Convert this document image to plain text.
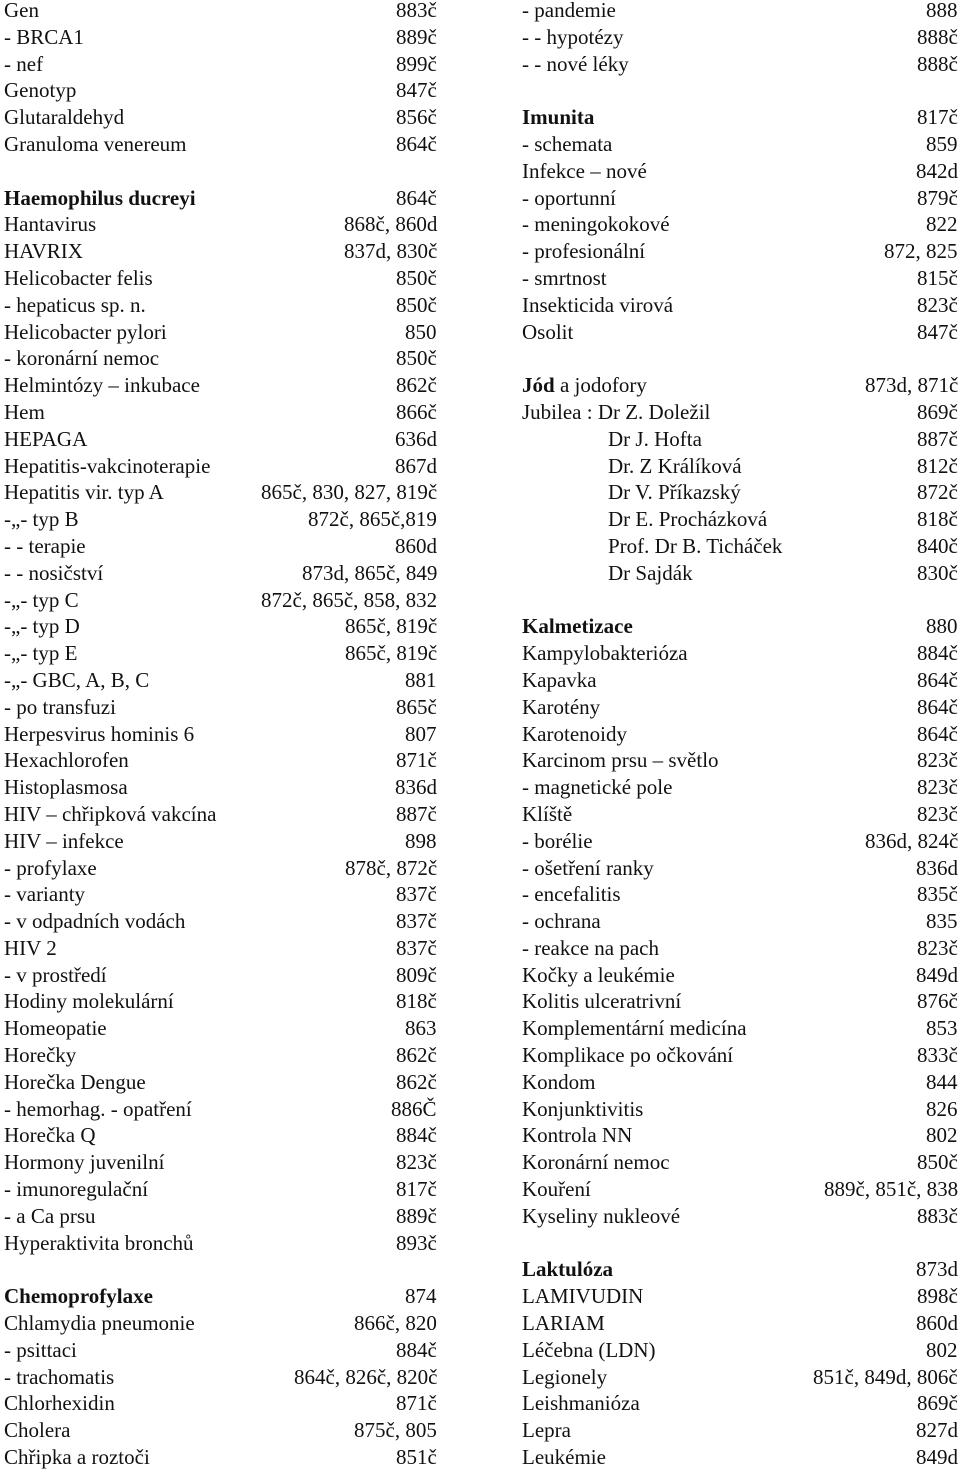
Gen	883č
- BRCA1	889č
- nef	899č
Genotyp	847č
Glutaraldehyd	856č
Granuloma venereum	864č
Haemophilus ducreyi	864č
Hantavirus	868č, 860d
HAVRIX	837d, 830č
Helicobacter felis	850č
- hepaticus sp. n.	850č
Helicobacter pylori	850
- koronární nemoc	850č
Helmintózy – inkubace	862č
Hem	866č
HEPAGA	636d
Hepatitis-vakcinoterapie	867d
Hepatitis vir. typ A	865č, 830, 827, 819č
-„- typ B	872č, 865č,819
- - terapie	860d
- - nosičství	873d, 865č, 849
-„- typ C	872č, 865č, 858, 832
-„- typ D	865č, 819č
-„- typ E	865č, 819č
-„- GBC, A, B, C	881
- po transfuzi	865č
Herpesvirus hominis 6	807
Hexachlorofen	871č
Histoplasmosa	836d
HIV – chřipková vakcína	887č
HIV – infekce	898
- profylaxe	878č, 872č
- varianty	837č
- v odpadních vodách	837č
HIV 2	837č
- v prostředí	809č
Hodiny molekulární	818č
Homeopatie	863
Horečky	862č
Horečka Dengue	862č
- hemorhag. - opatření	886Č
Horečka Q	884č
Hormony juvenilní	823č
- imunoregulační	817č
- a Ca prsu	889č
Hyperaktivita bronchů	893č
Chemoprofylaxe	874
Chlamydia pneumonie	866č, 820
- psittaci	884č
- trachomatis	864č, 826č, 820č
Chlorhexidin	871č
Cholera	875č, 805
Chřipka a roztoči	851č
- pandemie	888
- - hypotézy	888č
- - nové léky	888č
Imunita	817č
- schemata	859
Infekce – nové	842d
- oportunní	879č
- meningokokové	822
- profesionální	872, 825
- smrtnost	815č
Insekticida virová	823č
Osolit	847č
Jód a jodofory	873d, 871č
Jubilea : Dr Z. Doležil	869č
Dr J. Hofta	887č
Dr. Z Králíková	812č
Dr V. Příkazský	872č
Dr E. Procházková	818č
Prof. Dr B. Ticháček	840č
Dr Sajdák	830č
Kalmetizace	880
Kampylobakterióza	884č
Kapavka	864č
Karotény	864č
Karotenoidy	864č
Karcinom prsu – světlo	823č
- magnetické pole	823č
Klíště	823č
- borélie	836d, 824č
- ošetření ranky	836d
- encefalitis	835č
- ochrana	835
- reakce na pach	823č
Kočky a leukémie	849d
Kolitis ulceratrivní	876č
Komplementární medicína	853
Komplikace po očkování	833č
Kondom	844
Konjunktivitis	826
Kontrola NN	802
Koronární nemoc	850č
Kouření	889č, 851č, 838
Kyseliny nukleové	883č
Laktulóza	873d
LAMIVUDIN	898č
LARIAM	860d
Léčebna (LDN)	802
Legionely	851č, 849d, 806č
Leishmanióza	869č
Lepra	827d
Leukémie	849d
